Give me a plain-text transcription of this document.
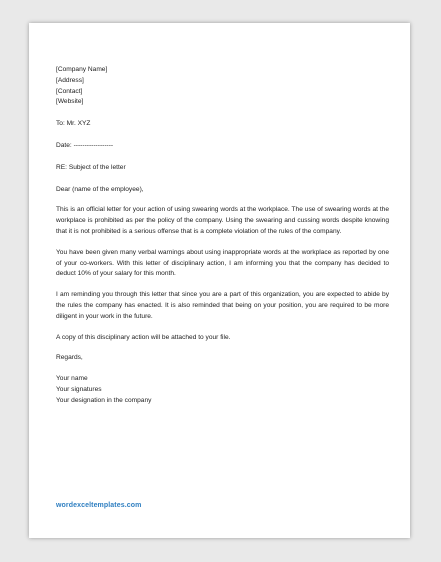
[Company Name]
[Address]
[Contact]
[Website]
To: Mr. XYZ
Date: ------------------
RE: Subject of the letter
Dear (name of the employee),

This is an official letter for your action of using swearing words at the workplace. The use of swearing words at the workplace is prohibited as per the policy of the company. Using the swearing and cussing words despite knowing that it is not prohibited is a serious offense that is a complete violation of the rules of the company.

You have been given many verbal warnings about using inappropriate words at the workplace as reported by one of your co-workers. With this letter of disciplinary action, I am informing you that the company has decided to deduct 10% of your salary for this month.

I am reminding you through this letter that since you are a part of this organization, you are expected to abide by the rules the company has enacted. It is also reminded that being on your position, you are required to be more diligent in your work in the future.

A copy of this disciplinary action will be attached to your file.

Regards,
Your name
Your signatures
Your designation in the company
wordexceltemplates.com
